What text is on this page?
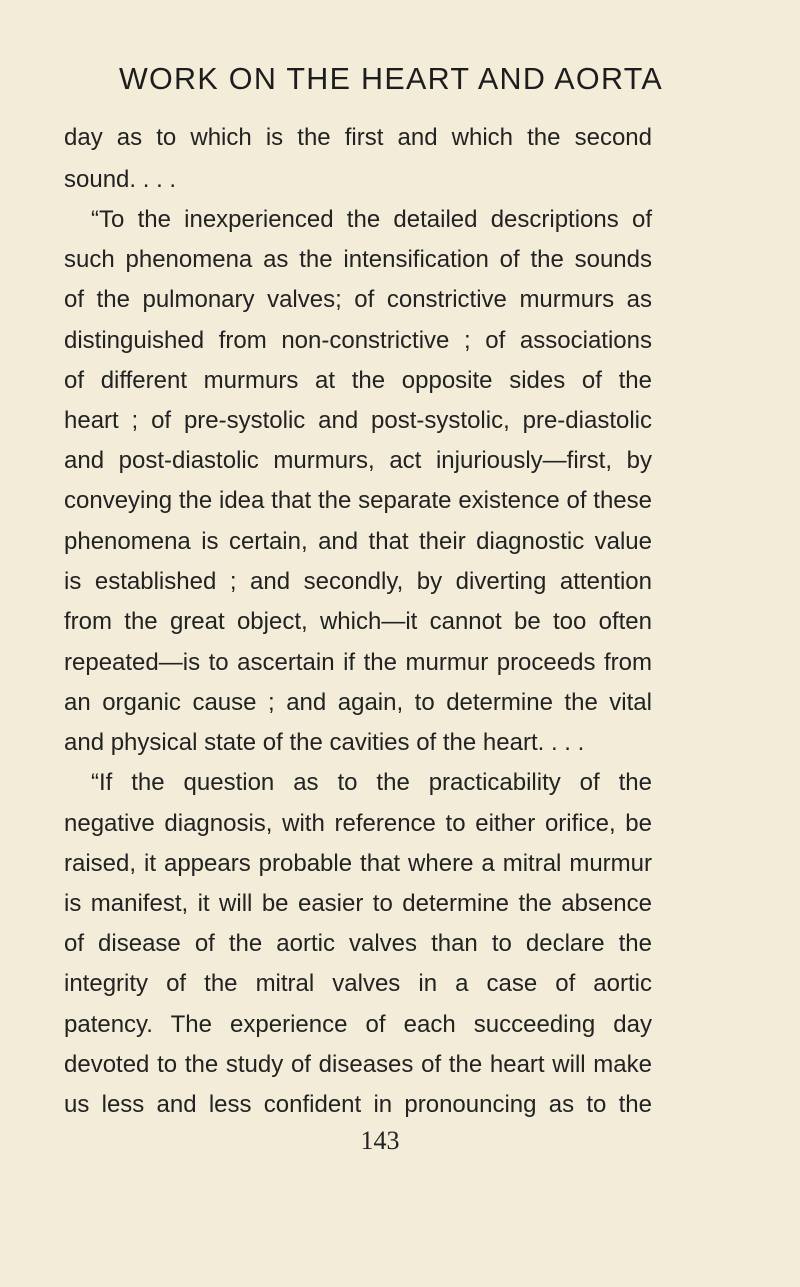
WORK ON THE HEART AND AORTA

day as to which is the first and which the second

sound. . . .

“To the inexperienced the detailed descriptions of

such phenomena as the intensification of the sounds

of the pulmonary valves; of constrictive murmurs as

distinguished from non-constrictive ; of associations

of different murmurs at the opposite sides of the

heart ; of pre-systolic and post-systolic, pre-diastolic

and post-diastolic murmurs, act injuriously—first, by

conveying the idea that the separate existence of these

phenomena is certain, and that their diagnostic value

is established ; and secondly, by diverting attention

from the great object, which—it cannot be too often

repeated—is to ascertain if the murmur proceeds from

an organic cause ; and again, to determine the vital

and physical state of the cavities of the heart. . . .

“If the question as to the practicability of the

negative diagnosis, with reference to either orifice, be

raised, it appears probable that where a mitral murmur

is manifest, it will be easier to determine the absence

of disease of the aortic valves than to declare the

integrity of the mitral valves in a case of aortic

patency. The experience of each succeeding day

devoted to the study of diseases of the heart will make

us less and less confident in pronouncing as to the

143
